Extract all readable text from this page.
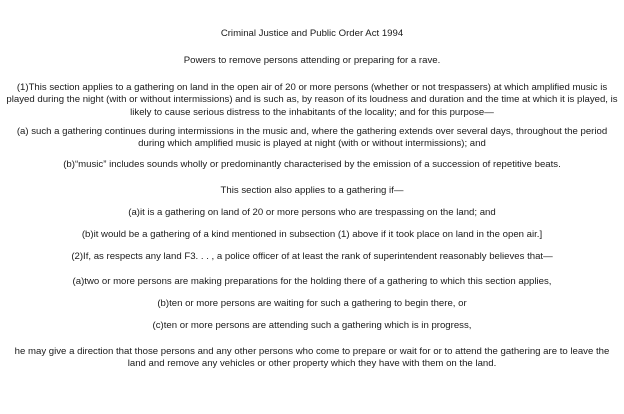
Criminal Justice and Public Order Act 1994

Powers to remove persons attending or preparing for a rave.

(1)This section applies to a gathering on land in the open air of 20 or more persons (whether or not trespassers) at which amplified music is played during the night (with or without intermissions) and is such as, by reason of its loudness and duration and the time at which it is played, is likely to cause serious distress to the inhabitants of the locality; and for this purpose—

(a) such a gathering continues during intermissions in the music and, where the gathering extends over several days, throughout the period during which amplified music is played at night (with or without intermissions); and

(b)“music” includes sounds wholly or predominantly characterised by the emission of a succession of repetitive beats.

This section also applies to a gathering if—

(a)it is a gathering on land of 20 or more persons who are trespassing on the land; and

(b)it would be a gathering of a kind mentioned in subsection (1) above if it took place on land in the open air.]

(2)If, as respects any land F3. . . , a police officer of at least the rank of superintendent reasonably believes that—

(a)two or more persons are making preparations for the holding there of a gathering to which this section applies,

(b)ten or more persons are waiting for such a gathering to begin there, or

(c)ten or more persons are attending such a gathering which is in progress,

he may give a direction that those persons and any other persons who come to prepare or wait for or to attend the gathering are to leave the land and remove any vehicles or other property which they have with them on the land.
